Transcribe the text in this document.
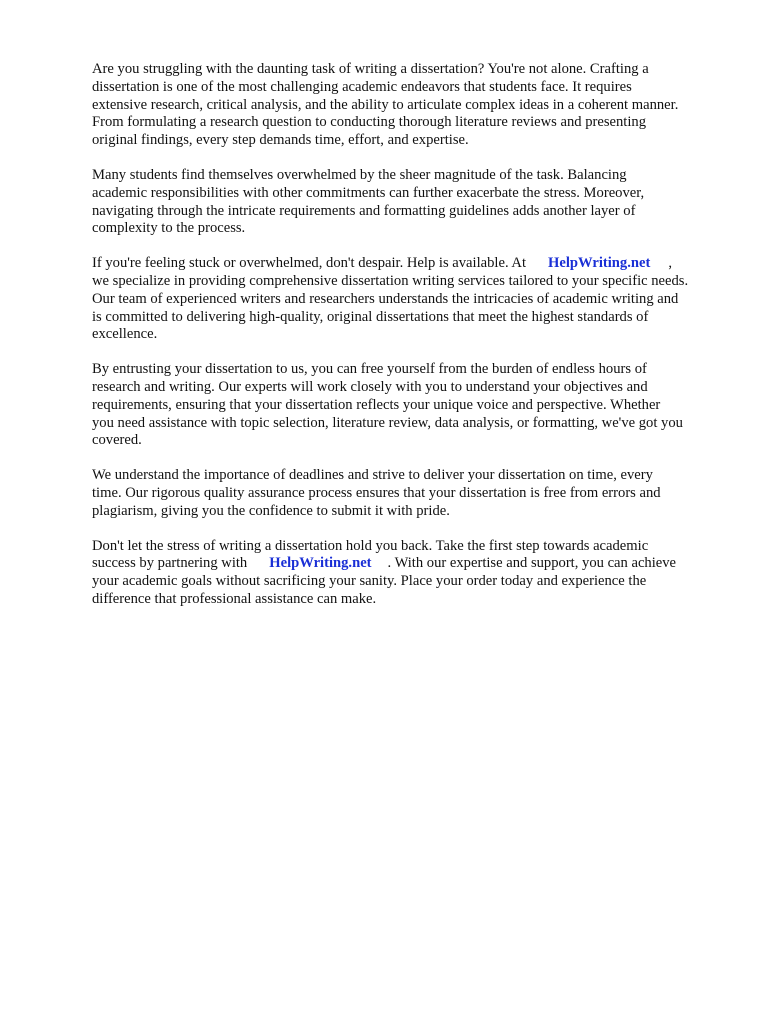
Are you struggling with the daunting task of writing a dissertation? You're not alone. Crafting a
dissertation is one of the most challenging academic endeavors that students face. It requires
extensive research, critical analysis, and the ability to articulate complex ideas in a coherent manner.
From formulating a research question to conducting thorough literature reviews and presenting
original findings, every step demands time, effort, and expertise.

Many students find themselves overwhelmed by the sheer magnitude of the task. Balancing
academic responsibilities with other commitments can further exacerbate the stress. Moreover,
navigating through the intricate requirements and formatting guidelines adds another layer of
complexity to the process.

If you're feeling stuck or overwhelmed, don't despair. Help is available. At HelpWriting.net ,
we specialize in providing comprehensive dissertation writing services tailored to your specific needs.
Our team of experienced writers and researchers understands the intricacies of academic writing and
is committed to delivering high-quality, original dissertations that meet the highest standards of
excellence.

By entrusting your dissertation to us, you can free yourself from the burden of endless hours of
research and writing. Our experts will work closely with you to understand your objectives and
requirements, ensuring that your dissertation reflects your unique voice and perspective. Whether
you need assistance with topic selection, literature review, data analysis, or formatting, we've got you
covered.

We understand the importance of deadlines and strive to deliver your dissertation on time, every
time. Our rigorous quality assurance process ensures that your dissertation is free from errors and
plagiarism, giving you the confidence to submit it with pride.

Don't let the stress of writing a dissertation hold you back. Take the first step towards academic
success by partnering with HelpWriting.net . With our expertise and support, you can achieve
your academic goals without sacrificing your sanity. Place your order today and experience the
difference that professional assistance can make.
